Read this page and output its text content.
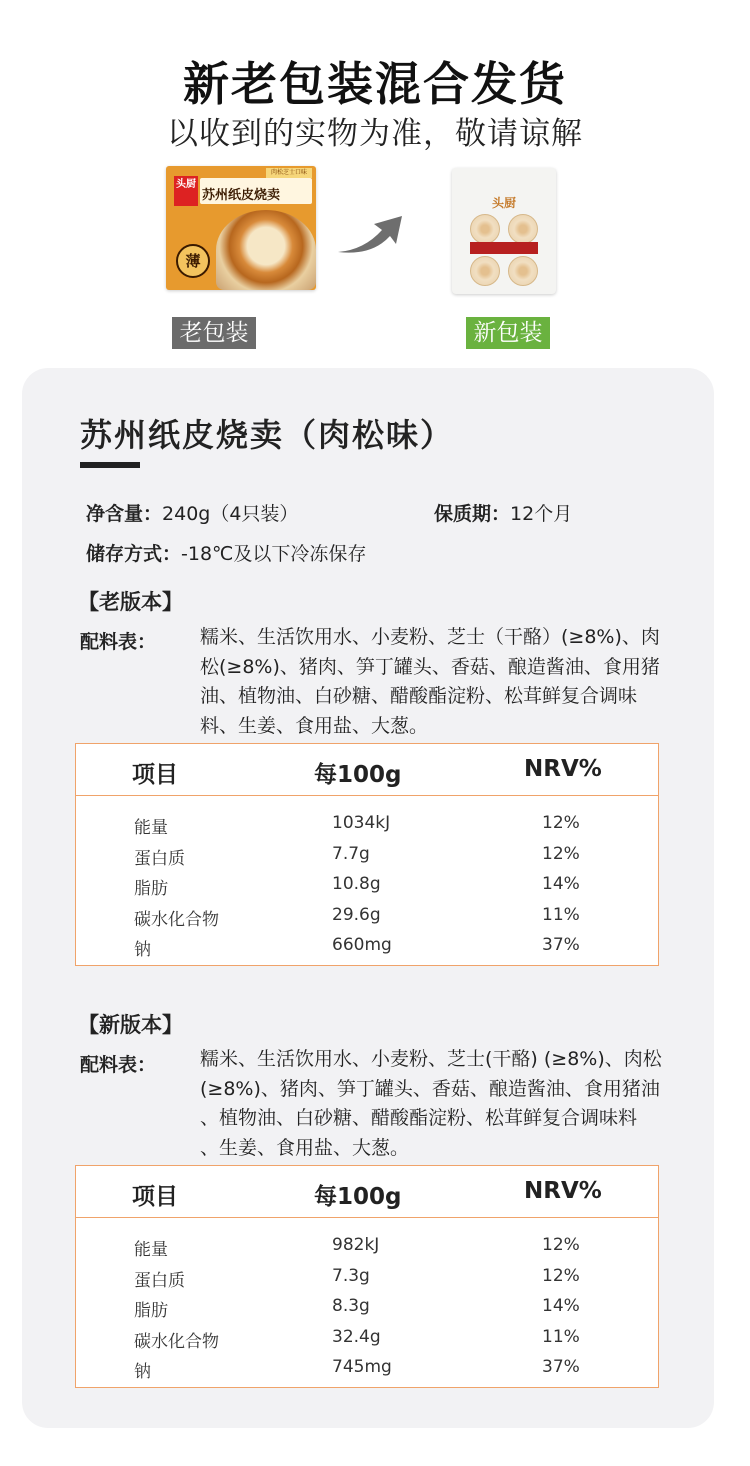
新老包装混合发货
以收到的实物为准，敬请谅解
头厨
肉松芝士口味
苏州纸皮烧卖
薄
头厨
老包装	新包装
苏州纸皮烧卖（肉松味）
净含量：240g（4只装）	保质期：12个月
储存方式：-18℃及以下冷冻保存
【老版本】
配料表： 糯米、生活饮用水、小麦粉、芝士（干酪）(≥8%)、肉
松(≥8%)、猪肉、笋丁罐头、香菇、酿造酱油、食用猪
油、植物油、白砂糖、醋酸酯淀粉、松茸鲜复合调味
料、生姜、食用盐、大葱。
项目	每100g	NRV%
能量	1034kJ	12%
蛋白质	7.7g	12%
脂肪	10.8g	14%
碳水化合物	29.6g	11%
钠	660mg	37%
【新版本】
配料表： 糯米、生活饮用水、小麦粉、芝士(干酪) (≥8%)、肉松
(≥8%)、猪肉、笋丁罐头、香菇、酿造酱油、食用猪油
、植物油、白砂糖、醋酸酯淀粉、松茸鲜复合调味料
、生姜、食用盐、大葱。
项目	每100g	NRV%
能量	982kJ	12%
蛋白质	7.3g	12%
脂肪	8.3g	14%
碳水化合物	32.4g	11%
钠	745mg	37%
